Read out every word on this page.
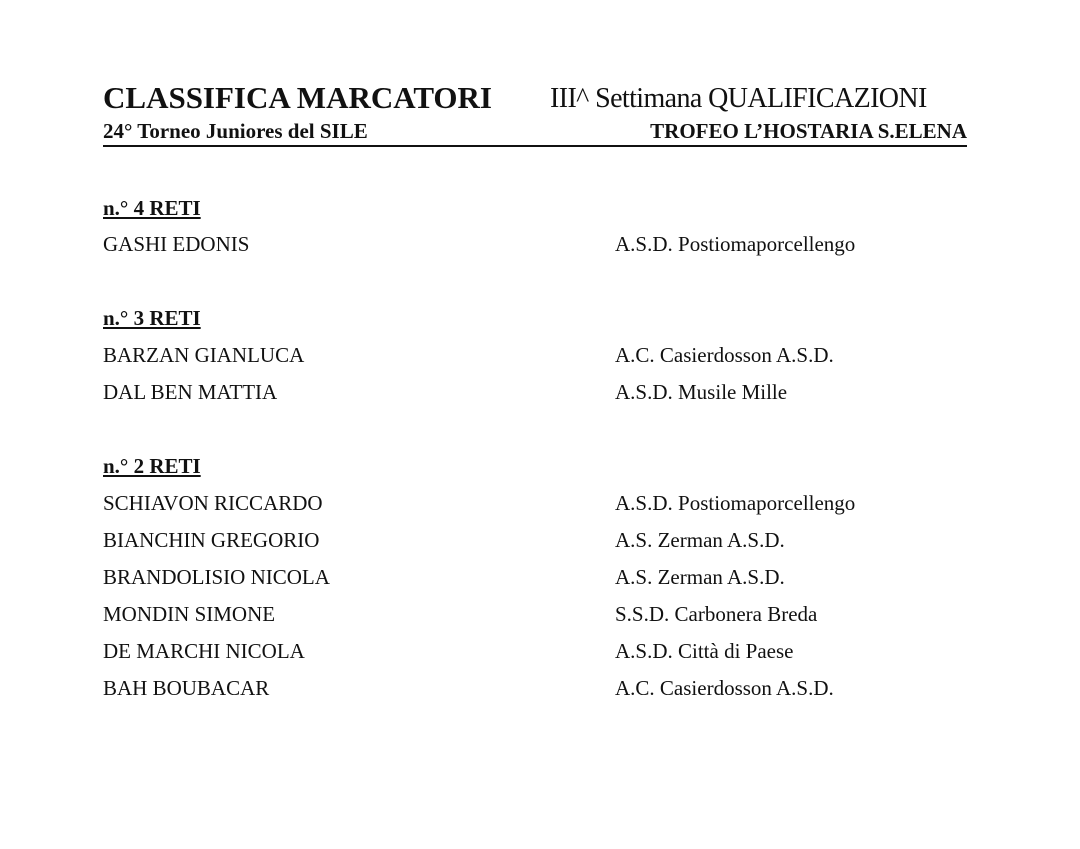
CLASSIFICA MARCATORI III^ Settimana QUALIFICAZIONI
24° Torneo Juniores del SILE	TROFEO L’HOSTARIA S.ELENA
n.° 4 RETI
GASHI EDONIS	A.S.D. Postiomaporcellengo
n.° 3 RETI
BARZAN GIANLUCA	A.C. Casierdosson A.S.D.
DAL BEN MATTIA	A.S.D. Musile Mille
n.° 2 RETI
SCHIAVON RICCARDO	A.S.D. Postiomaporcellengo
BIANCHIN GREGORIO	A.S. Zerman A.S.D.
BRANDOLISIO NICOLA	A.S. Zerman A.S.D.
MONDIN SIMONE	S.S.D. Carbonera Breda
DE MARCHI NICOLA	A.S.D. Città di Paese
BAH BOUBACAR	A.C. Casierdosson A.S.D.
